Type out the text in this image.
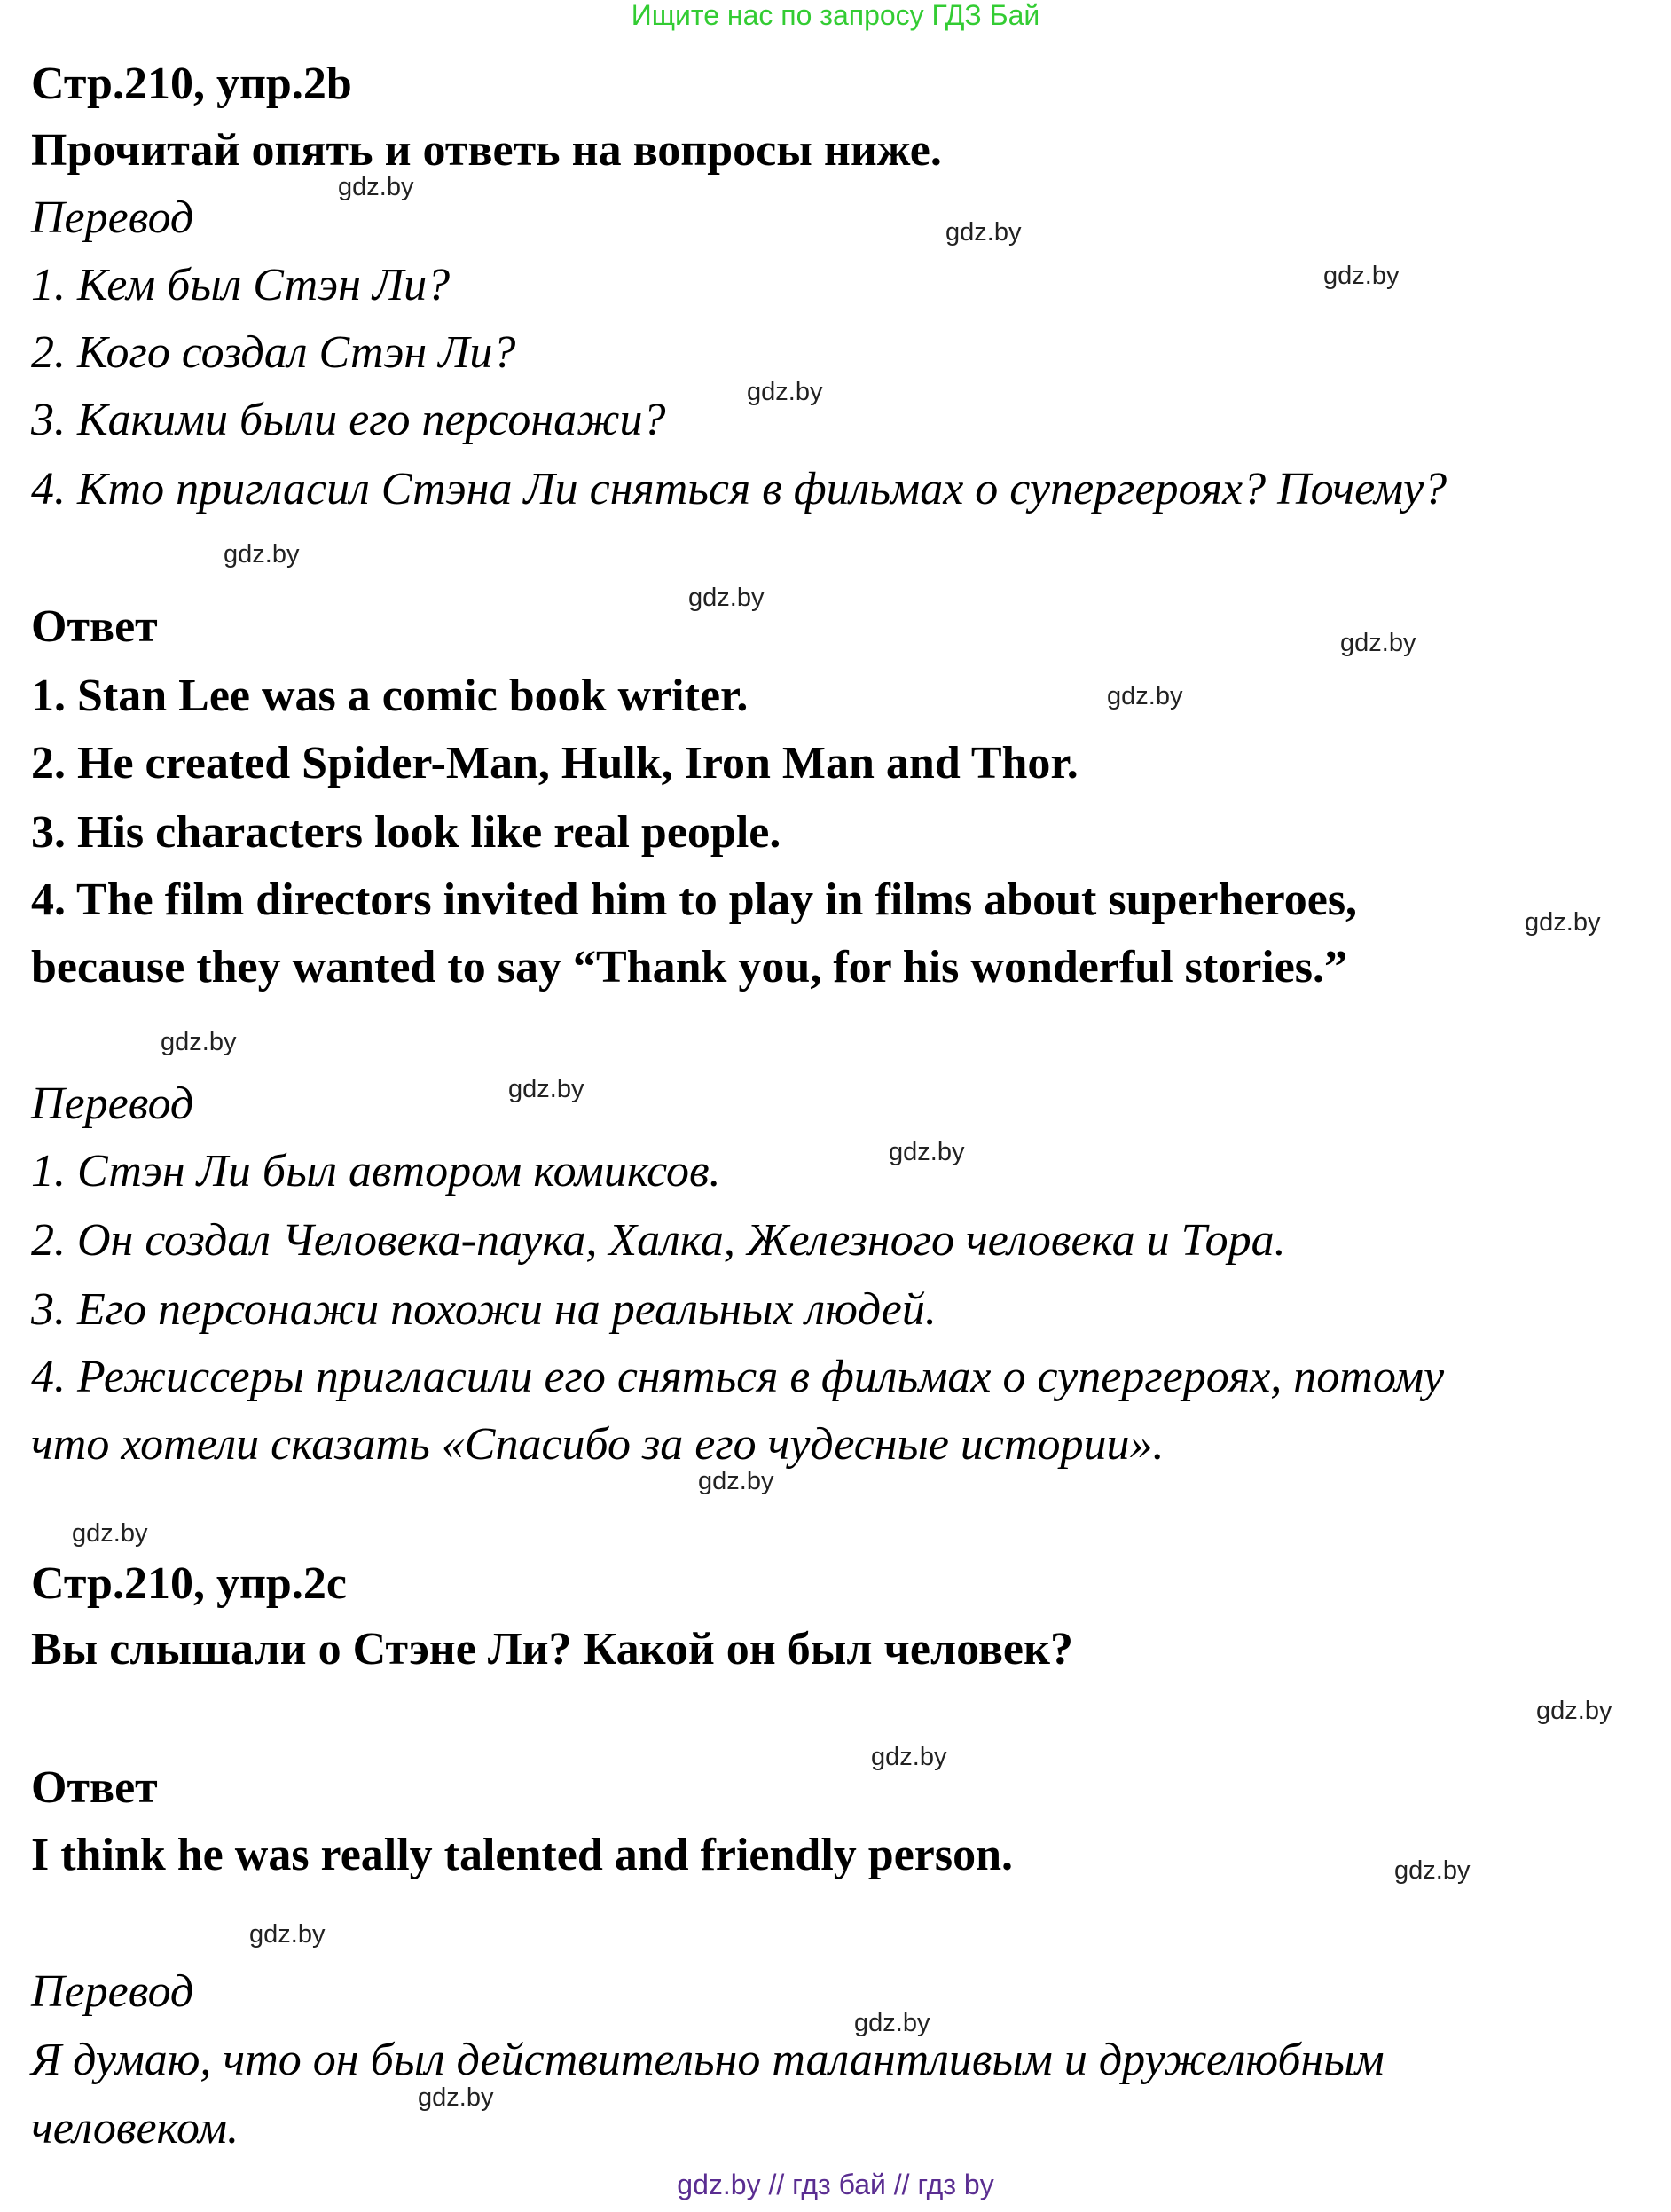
Ищите нас по запросу ГДЗ Бай
Стр.210, упр.2b
Прочитай опять и ответь на вопросы ниже.
Перевод
1. Кем был Стэн Ли?
2. Кого создал Стэн Ли?
3. Какими были его персонажи?
4. Кто пригласил Стэна Ли сняться в фильмах о супергероях? Почему?
Ответ
1. Stan Lee was a comic book writer.
2. He created Spider-Man, Hulk, Iron Man and Thor.
3. His characters look like real people.
4. The film directors invited him to play in films about superheroes,
because they wanted to say “Thank you, for his wonderful stories.”
Перевод
1. Стэн Ли был автором комиксов.
2. Он создал Человека-паука, Халка, Железного человека и Тора.
3. Его персонажи похожи на реальных людей.
4. Режиссеры пригласили его сняться в фильмах о супергероях, потому
что хотели сказать «Спасибо за его чудесные истории».
Стр.210, упр.2c
Вы слышали о Стэне Ли? Какой он был человек?
Ответ
I think he was really talented and friendly person.
Перевод
Я думаю, что он был действительно талантливым и дружелюбным
человеком.
gdz.by
gdz.by
gdz.by
gdz.by
gdz.by
gdz.by
gdz.by
gdz.by
gdz.by
gdz.by
gdz.by
gdz.by
gdz.by
gdz.by
gdz.by
gdz.by
gdz.by
gdz.by
gdz.by
gdz.by
gdz.by // гдз бай // гдз by
